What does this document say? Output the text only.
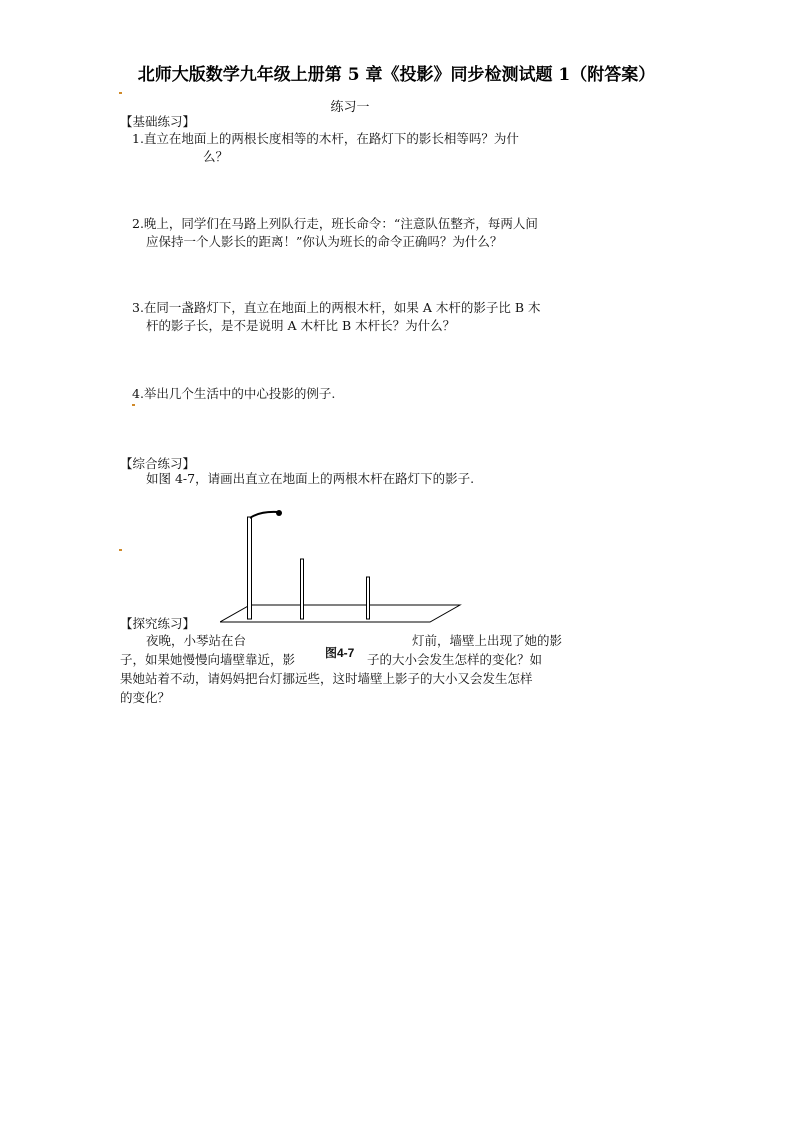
北师大版数学九年级上册第 5 章《投影》同步检测试题 1（附答案）
练习一
【基础练习】
1.直立在地面上的两根长度相等的木杆，在路灯下的影长相等吗？为什
么？
2.晚上，同学们在马路上列队行走，班长命令：“注意队伍整齐，每两人间
应保持一个人影长的距离！”你认为班长的命令正确吗？为什么？
3.在同一盏路灯下，直立在地面上的两根木杆，如果 A 木杆的影子比 B 木
杆的影子长，是不是说明 A 木杆比 B 木杆长？为什么？
4.举出几个生活中的中心投影的例子.
【综合练习】
如图 4-7，请画出直立在地面上的两根木杆在路灯下的影子.
【探究练习】
夜晚，小琴站在台	灯前，墙壁上出现了她的影
图4-7
子，如果她慢慢向墙壁靠近，影	子的大小会发生怎样的变化？如
果她站着不动，请妈妈把台灯挪远些，这时墙壁上影子的大小又会发生怎样
的变化？
